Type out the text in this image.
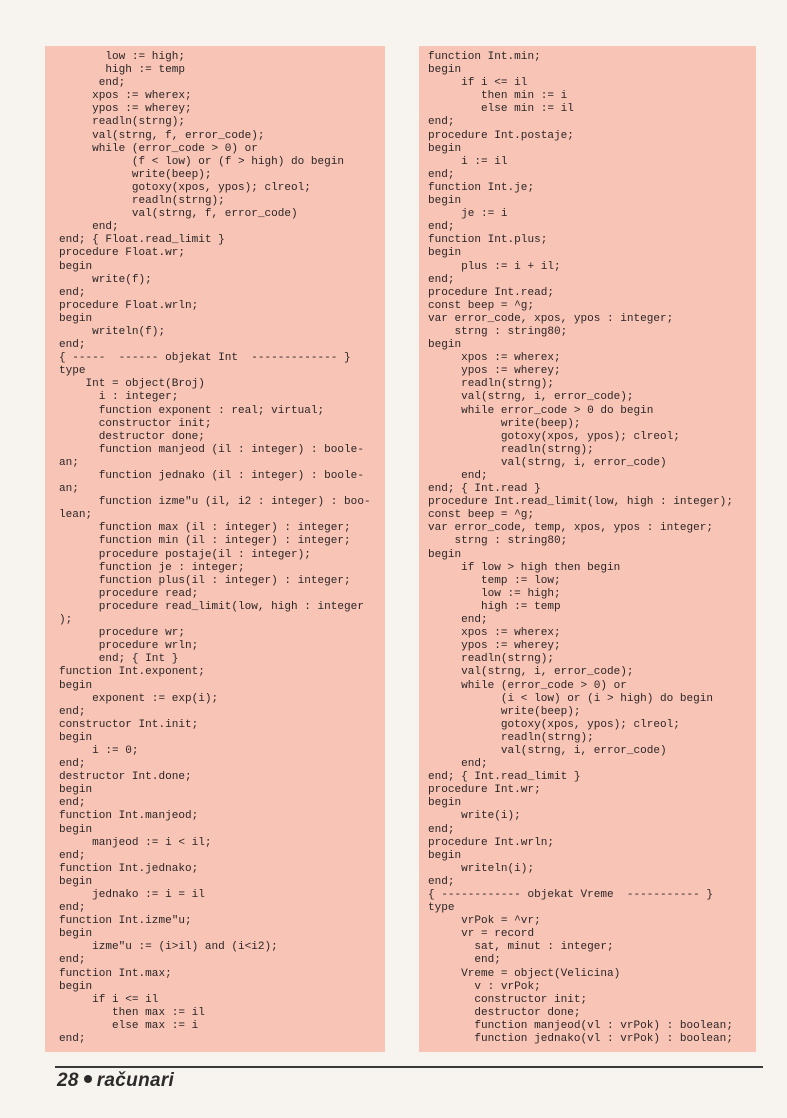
low := high;
high := temp
end;
xpos := wherex;
ypos := wherey;
readln(strng);
val(strng, f, error_code);
while (error_code > 0) or
(f < low) or (f > high) do begin
write(beep);
gotoxy(xpos, ypos); clreol;
readln(strng);
val(strng, f, error_code)
end;
end; { Float.read_limit }
procedure Float.wr;
begin
write(f);
end;
procedure Float.wrln;
begin
writeln(f);
end;
{ -----  ------ objekat Int  ------------- }
type
Int = object(Broj)
i : integer;
function exponent : real; virtual;
constructor init;
destructor done;
function manjeod (il : integer) : boole-
an;
function jednako (il : integer) : boole-
an;
function izme"u (il, i2 : integer) : boo-
lean;
function max (il : integer) : integer;
function min (il : integer) : integer;
procedure postaje(il : integer);
function je : integer;
function plus(il : integer) : integer;
procedure read;
procedure read_limit(low, high : integer
);
procedure wr;
procedure wrln;
end; { Int }
function Int.exponent;
begin
exponent := exp(i);
end;
constructor Int.init;
begin
i := 0;
end;
destructor Int.done;
begin
end;
function Int.manjeod;
begin
manjeod := i < il;
end;
function Int.jednako;
begin
jednako := i = il
end;
function Int.izme"u;
begin
izme"u := (i>il) and (i<i2);
end;
function Int.max;
begin
if i <= il
then max := il
else max := i
end;
function Int.min;
begin
if i <= il
then min := i
else min := il
end;
procedure Int.postaje;
begin
i := il
end;
function Int.je;
begin
je := i
end;
function Int.plus;
begin
plus := i + il;
end;
procedure Int.read;
const beep = ^g;
var error_code, xpos, ypos : integer;
strng : string80;
begin
xpos := wherex;
ypos := wherey;
readln(strng);
val(strng, i, error_code);
while error_code > 0 do begin
write(beep);
gotoxy(xpos, ypos); clreol;
readln(strng);
val(strng, i, error_code)
end;
end; { Int.read }
procedure Int.read_limit(low, high : integer);
const beep = ^g;
var error_code, temp, xpos, ypos : integer;
strng : string80;
begin
if low > high then begin
temp := low;
low := high;
high := temp
end;
xpos := wherex;
ypos := wherey;
readln(strng);
val(strng, i, error_code);
while (error_code > 0) or
(i < low) or (i > high) do begin
write(beep);
gotoxy(xpos, ypos); clreol;
readln(strng);
val(strng, i, error_code)
end;
end; { Int.read_limit }
procedure Int.wr;
begin
write(i);
end;
procedure Int.wrln;
begin
writeln(i);
end;
{ ------------ objekat Vreme  ----------- }
type
vrPok = ^vr;
vr = record
sat, minut : integer;
end;
Vreme = object(Velicina)
v : vrPok;
constructor init;
destructor done;
function manjeod(vl : vrPok) : boolean;
function jednako(vl : vrPok) : boolean;
28 računari
